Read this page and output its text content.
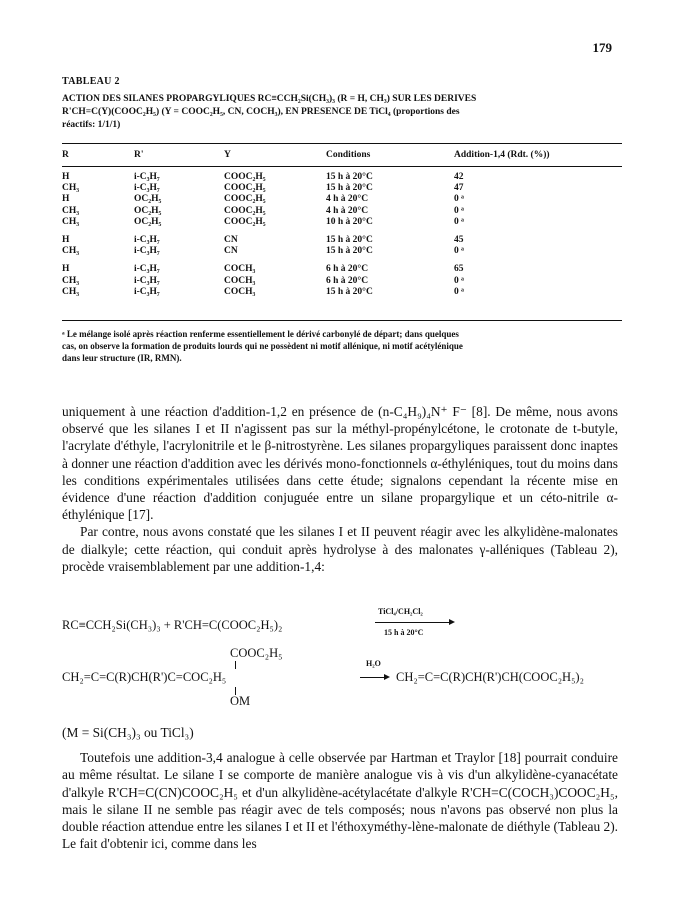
179
TABLEAU 2
ACTION DES SILANES PROPARGYLIQUES RC≡CCH₂Si(CH₃)₃ (R = H, CH₃) SUR LES DERIVES
R'CH=C(Y)(COOC₂H₅) (Y = COOC₂H₅, CN, COCH₃), EN PRESENCE DE TiCl₄ (proportions des
réactifs: 1/1/1)
R	R'	Y	Conditions	Addition-1,4 (Rdt. (%))
H	i-C₃H₇	COOC₂H₅	15 h à 20°C	42
CH₃	i-C₃H₇	COOC₂H₅	15 h à 20°C	47
H	OC₂H₅	COOC₂H₅	4 h à 20°C	0 ᵃ
CH₃	OC₂H₅	COOC₂H₅	4 h à 20°C	0 ᵃ
CH₃	OC₂H₅	COOC₂H₅	10 h à 20°C	0 ᵃ
H	i-C₃H₇	CN	15 h à 20°C	45
CH₃	i-C₃H₇	CN	15 h à 20°C	0 ᵃ
H	i-C₃H₇	COCH₃	6 h à 20°C	65
CH₃	i-C₃H₇	COCH₃	6 h à 20°C	0 ᵃ
CH₃	i-C₃H₇	COCH₃	15 h à 20°C	0 ᵃ
ᵃ Le mélange isolé après réaction renferme essentiellement le dérivé carbonylé de départ; dans quelques
cas, on observe la formation de produits lourds qui ne possèdent ni motif allénique, ni motif acétylénique
dans leur structure (IR, RMN).

uniquement à une réaction d'addition-1,2 en présence de (n-C₄H₉)₄N⁺ F⁻ [8]. De même, nous avons observé que les silanes I et II n'agissent pas sur la méthyl-propénylcétone, le crotonate de t-butyle, l'acrylate d'éthyle, l'acrylonitrile et le β-nitrostyrène. Les silanes propargyliques paraissent donc inaptes à donner une réaction d'addition avec les dérivés mono-fonctionnels α-éthyléniques, tout du moins dans les conditions expérimentales utilisées dans cette étude; signalons cependant la récente mise en évidence d'une réaction d'addition conjuguée entre un silane propargylique et un céto-nitrile α-éthylénique [17].

Par contre, nous avons constaté que les silanes I et II peuvent réagir avec les alkylidène-malonates de dialkyle; cette réaction, qui conduit après hydrolyse à des malonates γ-alléniques (Tableau 2), procède vraisemblablement par une addition-1,4:

RC≡CCH₂Si(CH₃)₃ + R'CH=C(COOC₂H₅)₂
TiCl₄/CH₂Cl₂
15 h à 20°C
COOC₂H₅
CH₂=C=C(R)CH(R')C=COC₂H₅
OM
H₂O
CH₂=C=C(R)CH(R')CH(COOC₂H₅)₂

(M = Si(CH₃)₃ ou TiCl₃)

Toutefois une addition-3,4 analogue à celle observée par Hartman et Traylor [18] pourrait conduire au même résultat. Le silane I se comporte de manière analogue vis à vis d'un alkylidène-cyanacétate d'alkyle R'CH=C(CN)COOC₂H₅ et d'un alkylidène-acétylacétate d'alkyle R'CH=C(COCH₃)COOC₂H₅, mais le silane II ne semble pas réagir avec de tels composés; nous n'avons pas observé non plus la double réaction attendue entre les silanes I et II et l'éthoxyméthy-lène-malonate de diéthyle (Tableau 2). Le fait d'obtenir ici, comme dans les
